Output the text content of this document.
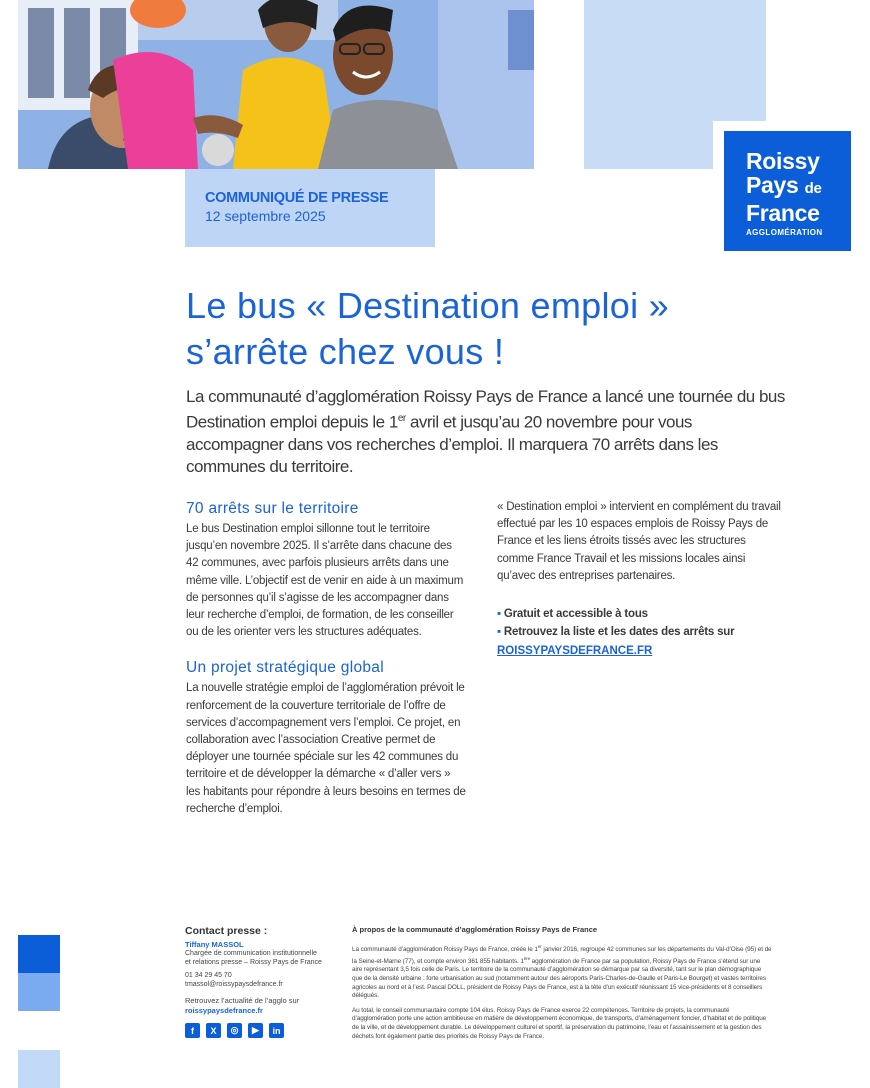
COMMUNIQUÉ DE PRESSE
12 septembre 2025
Roissy
Pays de
France
AGGLOMÉRATION
Le bus « Destination emploi »
s’arrête chez vous !
La communauté d’agglomération Roissy Pays de France a lancé une tournée du bus Destination emploi depuis le 1er avril et jusqu’au 20 novembre pour vous accompagner dans vos recherches d’emploi. Il marquera 70 arrêts dans les communes du territoire.
70 arrêts sur le territoire
Le bus Destination emploi sillonne tout le territoire jusqu’en novembre 2025. Il s’arrête dans chacune des 42 communes, avec parfois plusieurs arrêts dans une même ville. L’objectif est de venir en aide à un maximum de personnes qu’il s’agisse de les accompagner dans leur recherche d’emploi, de formation, de les conseiller ou de les orienter vers les structures adéquates.
Un projet stratégique global
La nouvelle stratégie emploi de l’agglomération prévoit le renforcement de la couverture territoriale de l’offre de services d’accompagnement vers l’emploi. Ce projet, en collaboration avec l’association Creative permet de déployer une tournée spéciale sur les 42 communes du territoire et de développer la démarche « d’aller vers » les habitants pour répondre à leurs besoins en termes de recherche d’emploi.
« Destination emploi » intervient en complément du travail effectué par les 10 espaces emplois de Roissy Pays de France et les liens étroits tissés avec les structures comme France Travail et les missions locales ainsi qu’avec des entreprises partenaires.
▪ Gratuit et accessible à tous
▪ Retrouvez la liste et les dates des arrêts sur
ROISSYPAYSDEFRANCE.FR
Contact presse :
Tiffany MASSOL
Chargée de communication institutionnelle
et relations presse – Roissy Pays de France
01 34 29 45 70
tmassol@roissypaysdefrance.fr
Retrouvez l’actualité de l’agglo sur
roissypaysdefrance.fr
f	X	◎	▶	in
À propos de la communauté d’agglomération Roissy Pays de France
La communauté d’agglomération Roissy Pays de France, créée le 1er janvier 2016, regroupe 42 communes sur les départements du Val-d’Oise (95) et de la Seine-et-Marne (77), et compte environ 361 855 habitants. 1ère agglomération de France par sa population, Roissy Pays de France s’étend sur une aire représentant 3,5 fois celle de Paris. Le territoire de la communauté d’agglomération se démarque par sa diversité, tant sur le plan démographique que de la densité urbaine : forte urbanisation au sud (notamment autour des aéroports Paris-Charles-de-Gaulle et Paris-Le Bourget) et vastes territoires agricoles au nord et à l’est. Pascal DOLL, président de Roissy Pays de France, est à la tête d’un exécutif réunissant 15 vice-présidents et 8 conseillers délégués.
Au total, le conseil communautaire compte 104 élus. Roissy Pays de France exerce 22 compétences. Territoire de projets, la communauté d’agglomération porte une action ambitieuse en matière de développement économique, de transports, d’aménagement foncier, d’habitat et de politique de la ville, et de développement durable. Le développement culturel et sportif, la préservation du patrimoine, l’eau et l’assainissement et la gestion des déchets font également partie des priorités de Roissy Pays de France.
